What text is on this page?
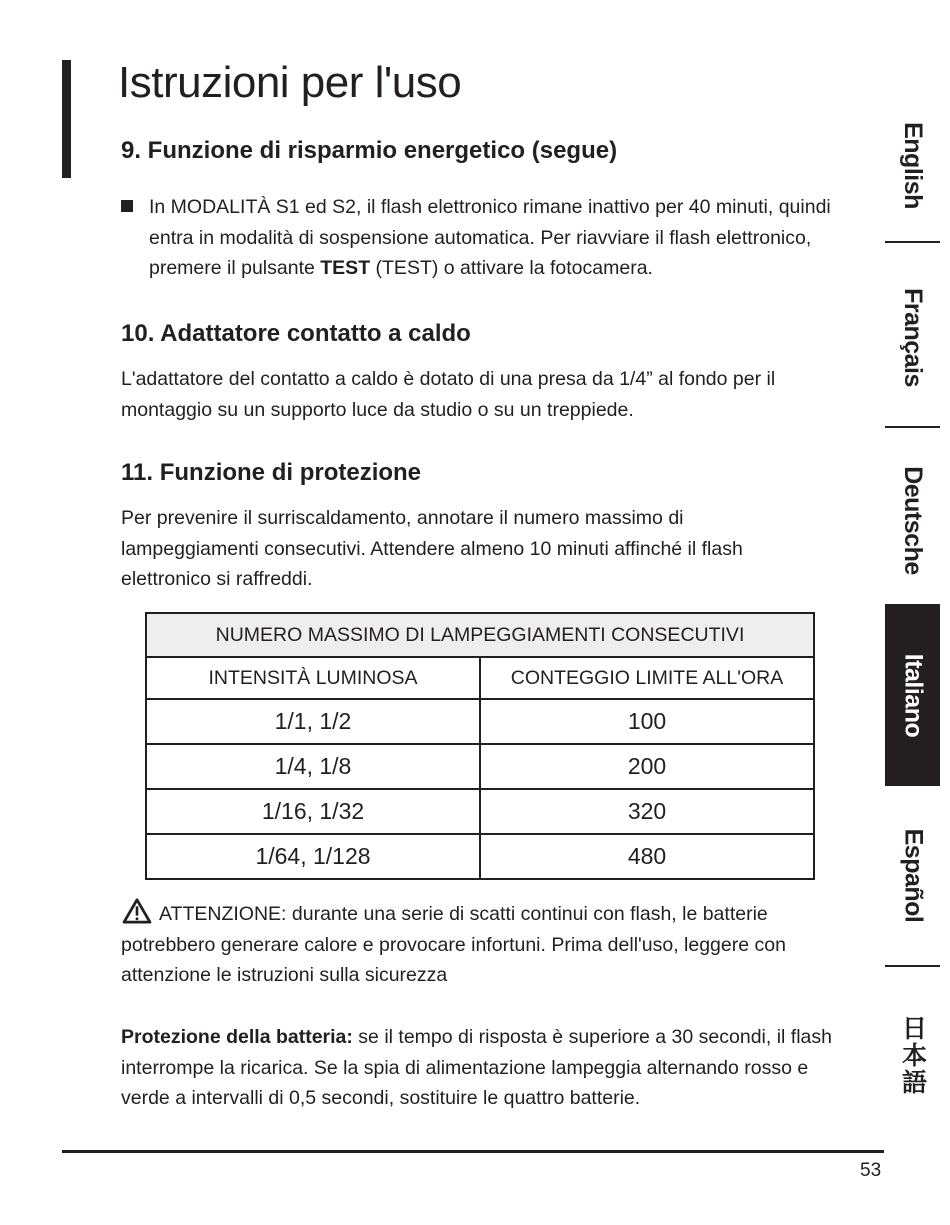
Istruzioni per l'uso
9. Funzione di risparmio energetico (segue)

In MODALITÀ S1 ed S2, il flash elettronico rimane inattivo per 40 minuti, quindi entra in modalità di sospensione automatica. Per riavviare il flash elettronico, premere il pulsante TEST (TEST) o attivare la fotocamera.

10. Adattatore contatto a caldo

L'adattatore del contatto a caldo è dotato di una presa da 1/4” al fondo per il montaggio su un supporto luce da studio o su un treppiede.

11. Funzione di protezione

Per prevenire il surriscaldamento, annotare il numero massimo di lampeggiamenti consecutivi. Attendere almeno 10 minuti affinché il flash elettronico si raffreddi.

NUMERO MASSIMO DI LAMPEGGIAMENTI CONSECUTIVI	
INTENSITÀ LUMINOSA	CONTEGGIO LIMITE ALL'ORA
1/1, 1/2	100
1/4, 1/8	200
1/16, 1/32	320
1/64, 1/128	480

ATTENZIONE: durante una serie di scatti continui con flash, le batterie potrebbero generare calore e provocare infortuni. Prima dell'uso, leggere con attenzione le istruzioni sulla sicurezza

Protezione della batteria: se il tempo di risposta è superiore a 30 secondi, il flash interrompe la ricarica. Se la spia di alimentazione lampeggia alternando rosso e verde a intervalli di 0,5 secondi, sostituire le quattro batterie.

53
English
Français
Deutsche
Italiano
Español
日本語
